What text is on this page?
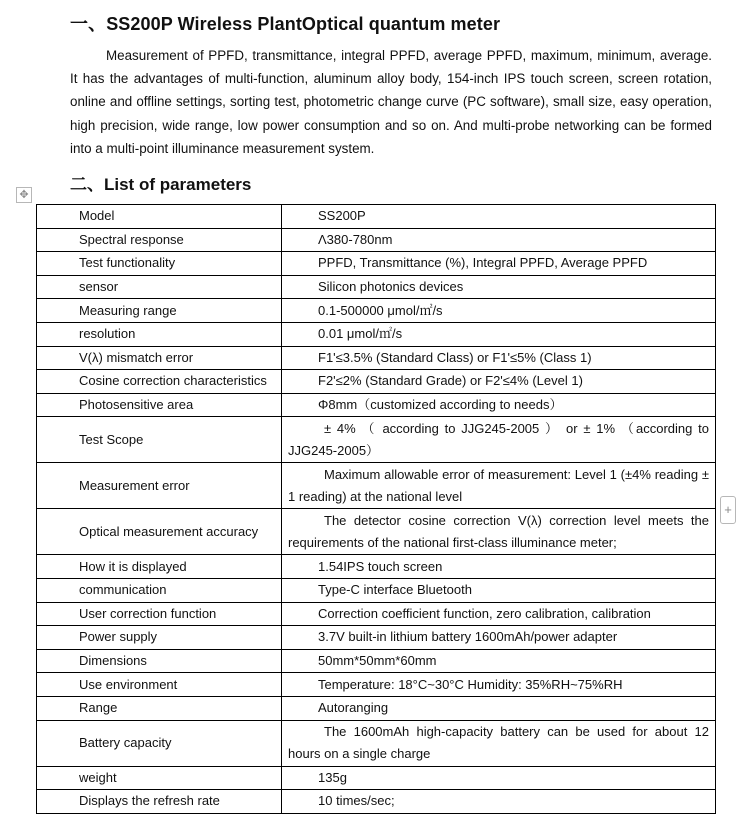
一、SS200P Wireless PlantOptical quantum meter

Measurement of PPFD, transmittance, integral PPFD, average PPFD, maximum, minimum, average. It has the advantages of multi-function, aluminum alloy body, 154-inch IPS touch screen, screen rotation, online and offline settings, sorting test, photometric change curve (PC software), small size, easy operation, high precision, wide range, low power consumption and so on. And multi-probe networking can be formed into a multi-point illuminance measurement system.

二、List of parameters
✥
+
Model	SS200P
Spectral response	Λ380-780nm
Test functionality	PPFD, Transmittance (%), Integral PPFD, Average PPFD
sensor	Silicon photonics devices
Measuring range	0.1-500000 μmol/㎡/s
resolution	0.01 μmol/㎡/s
V(λ) mismatch error	F1'≤3.5% (Standard Class) or F1'≤5% (Class 1)
Cosine correction characteristics	F2'≤2% (Standard Grade) or F2'≤4% (Level 1)
Photosensitive area	Φ8mm（customized according to needs）
Test Scope	± 4% （ according to JJG245-2005 ） or ± 1% （according to JJG245-2005）

Measurement error	Maximum allowable error of measurement: Level 1 (±4% reading ± 1 reading) at the national level

Optical measurement accuracy	The detector cosine correction V(λ) correction level meets the requirements of the national first-class illuminance meter;

How it is displayed	1.54IPS touch screen
communication	Type-C interface Bluetooth
User correction function	Correction coefficient function, zero calibration, calibration
Power supply	3.7V built-in lithium battery 1600mAh/power adapter
Dimensions	50mm*50mm*60mm
Use environment	Temperature: 18°C~30°C Humidity: 35%RH~75%RH
Range	Autoranging
Battery capacity	The 1600mAh high-capacity battery can be used for about 12 hours on a single charge

weight	135g
Displays the refresh rate	10 times/sec;
